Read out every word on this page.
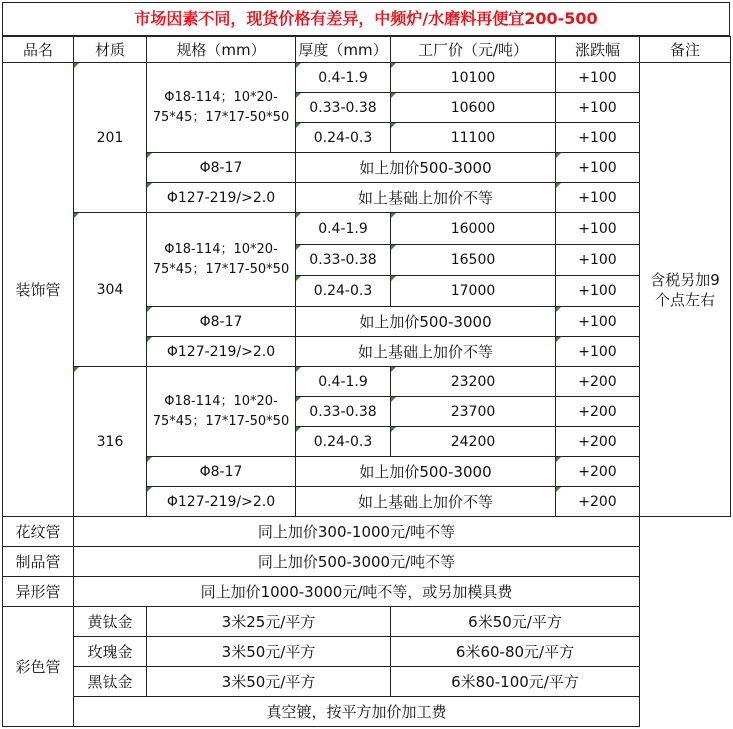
市场因素不同，现货价格有差异，中频炉/水磨料再便宜200-500
品名	材质	规格（mm）	厚度（mm）	工厂价（元/吨）	涨跌幅	备注
装饰管	201	Φ18-114；10*20-75*45；17*17-50*50	0.4-1.9	10100	+100	含税另加9个点左右
			0.33-0.38	10600	+100	
			0.24-0.3	11100	+100	
		Φ8-17	如上加价500-3000		+100	
		Φ127-219/>2.0	如上基础上加价不等		+100	
	304	Φ18-114；10*20-75*45；17*17-50*50	0.4-1.9	16000	+100	
			0.33-0.38	16500	+100	
			0.24-0.3	17000	+100	
		Φ8-17	如上加价500-3000		+100	
		Φ127-219/>2.0	如上基础上加价不等		+100	
	316	Φ18-114；10*20-75*45；17*17-50*50	0.4-1.9	23200	+200	
			0.33-0.38	23700	+200	
			0.24-0.3	24200	+200	
		Φ8-17	如上加价500-3000		+200	
		Φ127-219/>2.0	如上基础上加价不等		+200	
花纹管	同上加价300-1000元/吨不等					
制品管	同上加价500-3000元/吨不等					
异形管	同上加价1000-3000元/吨不等，或另加模具费					
彩色管	黄钛金	3米25元/平方		6米50元/平方		
	玫瑰金	3米50元/平方		6米60-80元/平方		
	黑钛金	3米50元/平方		6米80-100元/平方		
	真空镀，按平方加价加工费					
